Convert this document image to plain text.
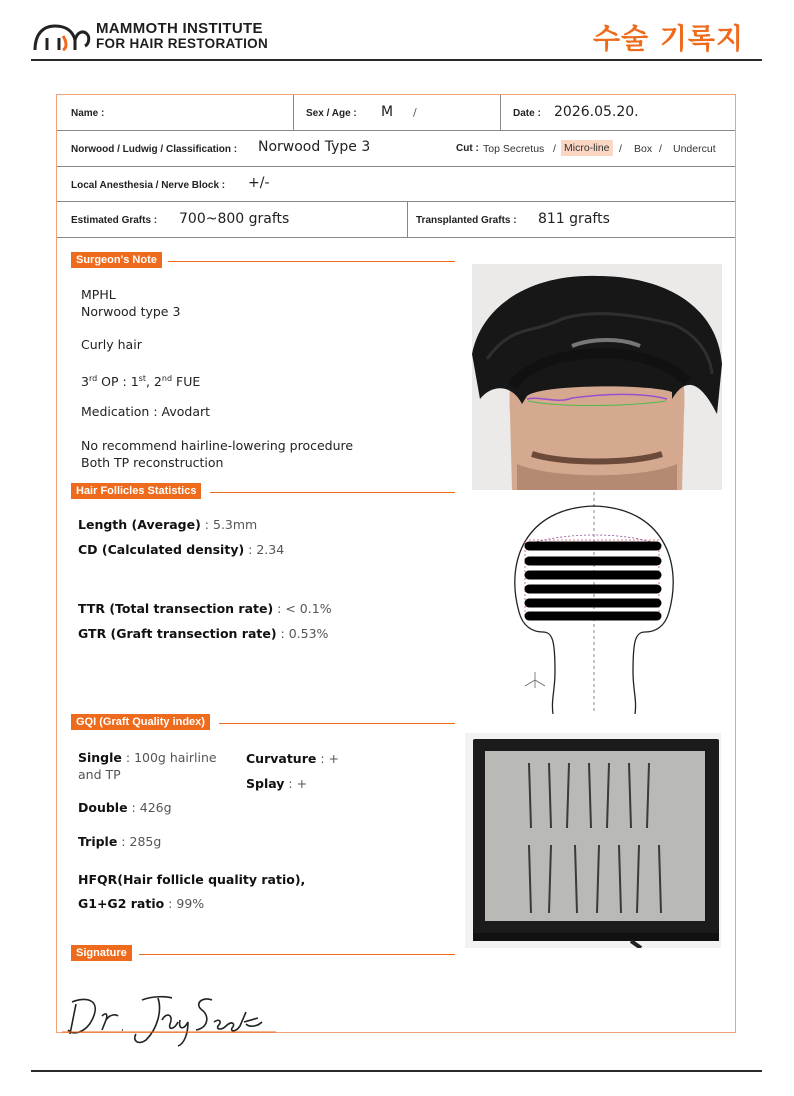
MAMMOTH INSTITUTE
FOR HAIR RESTORATION	수술 기록지
Name :	Sex / Age : M /	Date : 2026.05.20.
Norwood / Ludwig / Classification : Norwood Type 3	Cut : Top Secretus / Micro-line / Box / Undercut
Local Anesthesia / Nerve Block : +/-
Estimated Grafts : 700~800 grafts	Transplanted Grafts : 811 grafts
Surgeon's Note
MPHL
Norwood type 3
Curly hair
3rd OP : 1st, 2nd FUE
Medication : Avodart
No recommend hairline-lowering procedure
Both TP reconstruction
Hair Follicles Statistics
Length (Average) : 5.3mm
CD (Calculated density) : 2.34
TTR (Total transection rate) : < 0.1%
GTR (Graft transection rate) : 0.53%
GQI (Graft Quality index)
Single : 100g hairline
and TP
Curvature : +
Splay : +
Double : 426g
Triple : 285g
HFQR(Hair follicle quality ratio),
G1+G2 ratio : 99%
Signature
